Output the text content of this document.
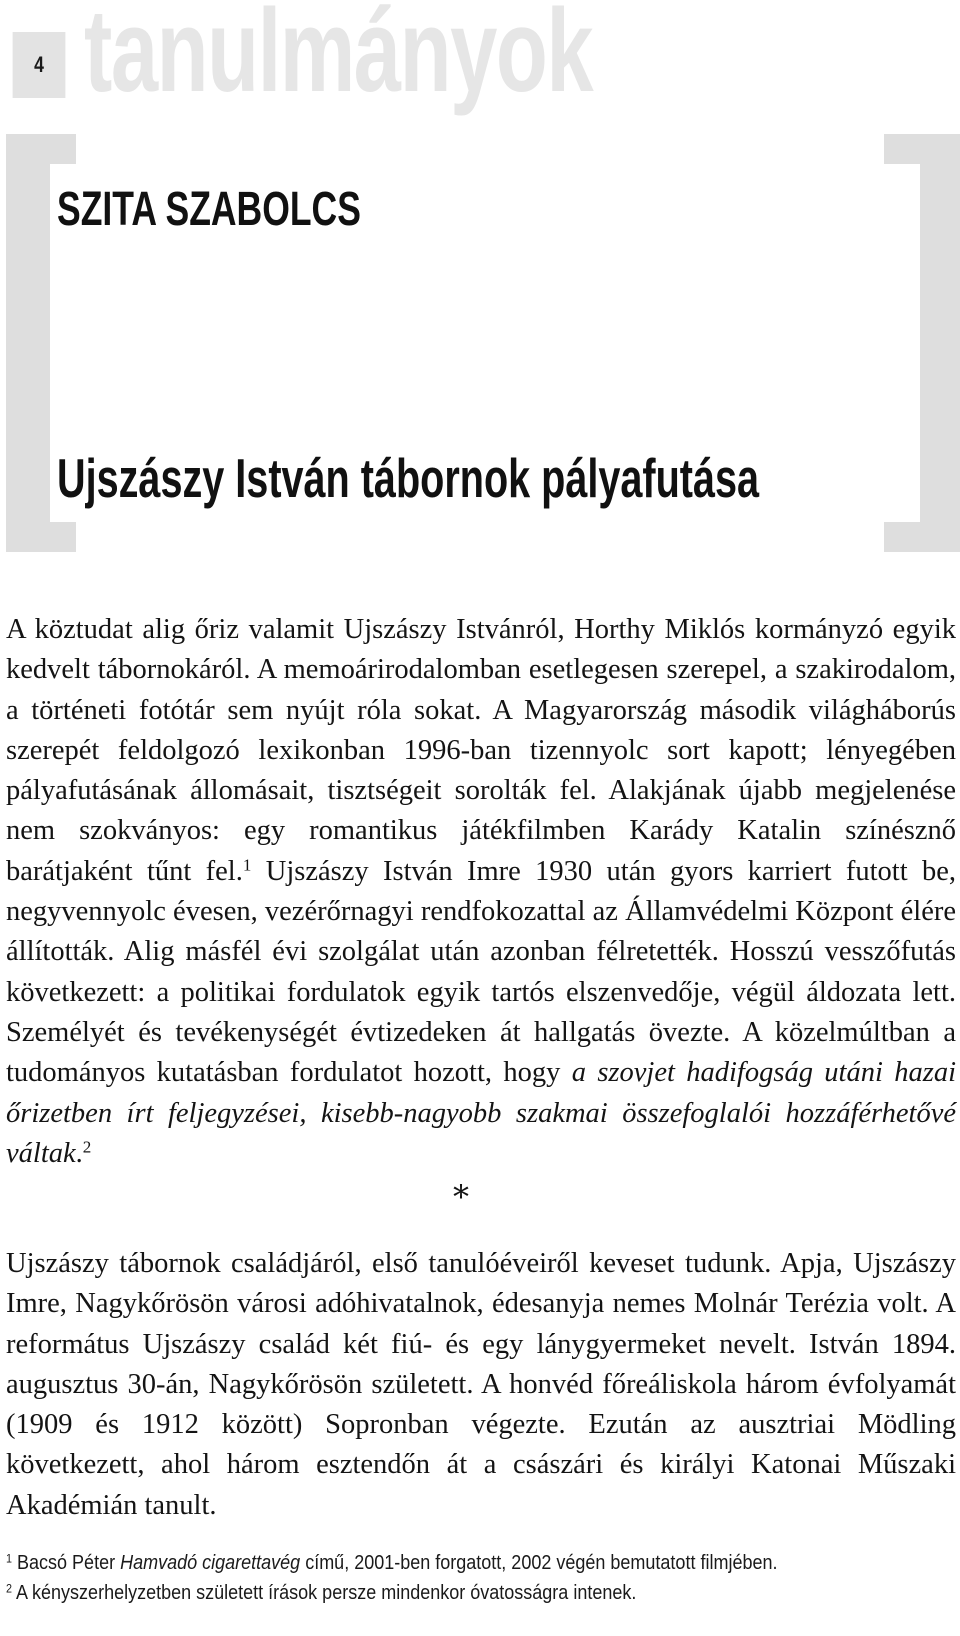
4 tanulmányok
SZITA SZABOLCS
Ujszászy István tábornok pályafutása
A köztudat alig őriz valamit Ujszászy Istvánról, Horthy Miklós kormányzó egyik kedvelt tábornokáról. A memoárirodalomban esetlegesen szerepel, a szakirodalom, a történeti fotótár sem nyújt róla sokat. A Magyarország második világháborús szerepét feldolgozó lexikonban 1996-ban tizennyolc sort kapott; lényegében pályafutásának állomásait, tisztségeit sorolták fel. Alakjának újabb megjelenése nem szokványos: egy romantikus játékfilmben Karády Katalin színésznő barátjaként tűnt fel.$^1$ Ujszászy István Imre 1930 után gyors karriert futott be, negyvennyolc évesen, vezérőrnagyi rendfokozattal az Államvédelmi Központ élére állították. Alig másfél évi szolgálat után azonban félretették. Hosszú vesszőfutás következett: a politikai fordulatok egyik tartós elszenvedője, végül áldozata lett. Személyét és tevékenységét évtizedeken át hallgatás övezte. A közelmúltban a tudományos kutatásban fordulatot hozott, hogy a szovjet hadifogság utáni hazai őrizetben írt feljegyzései, kisebb-nagyobb szakmai összefoglalói hozzáférhetővé váltak.$^2$
*
Ujszászy tábornok családjáról, első tanulóéveiről keveset tudunk. Apja, Ujszászy Imre, Nagykőrösön városi adóhivatalnok, édesanyja nemes Molnár Terézia volt. A református Ujszászy család két fiú- és egy lánygyermeket nevelt. István 1894. augusztus 30-án, Nagykőrösön született. A honvéd főreáliskola három évfolyamát (1909 és 1912 között) Sopronban végezte. Ezután az ausztriai Mödling következett, ahol három esztendőn át a császári és királyi Katonai Műszaki Akadémián tanult.
$^1$ Bacsó Péter Hamvadó cigarettavég című, 2001-ben forgatott, 2002 végén bemutatott filmjében.
$^2$ A kényszerhelyzetben született írások persze mindenkor óvatosságra intenek.
